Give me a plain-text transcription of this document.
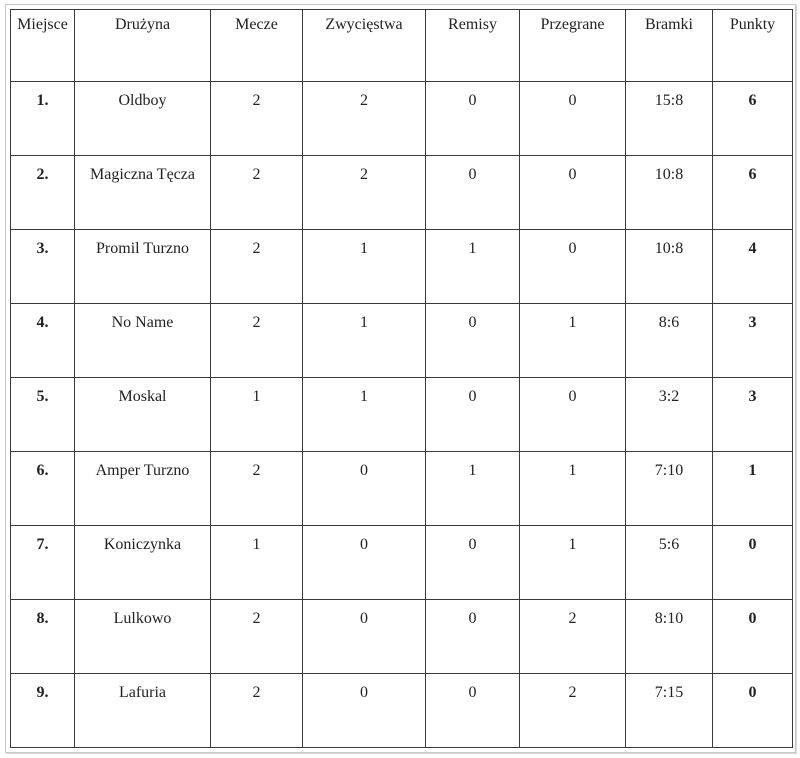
Miejsce	Drużyna	Mecze	Zwycięstwa	Remisy	Przegrane	Bramki	Punkty
1.	Oldboy	2	2	0	0	15:8	6
2.	Magiczna Tęcza	2	2	0	0	10:8	6
3.	Promil Turzno	2	1	1	0	10:8	4
4.	No Name	2	1	0	1	8:6	3
5.	Moskal	1	1	0	0	3:2	3
6.	Amper Turzno	2	0	1	1	7:10	1
7.	Koniczynka	1	0	0	1	5:6	0
8.	Lulkowo	2	0	0	2	8:10	0
9.	Lafuria	2	0	0	2	7:15	0
